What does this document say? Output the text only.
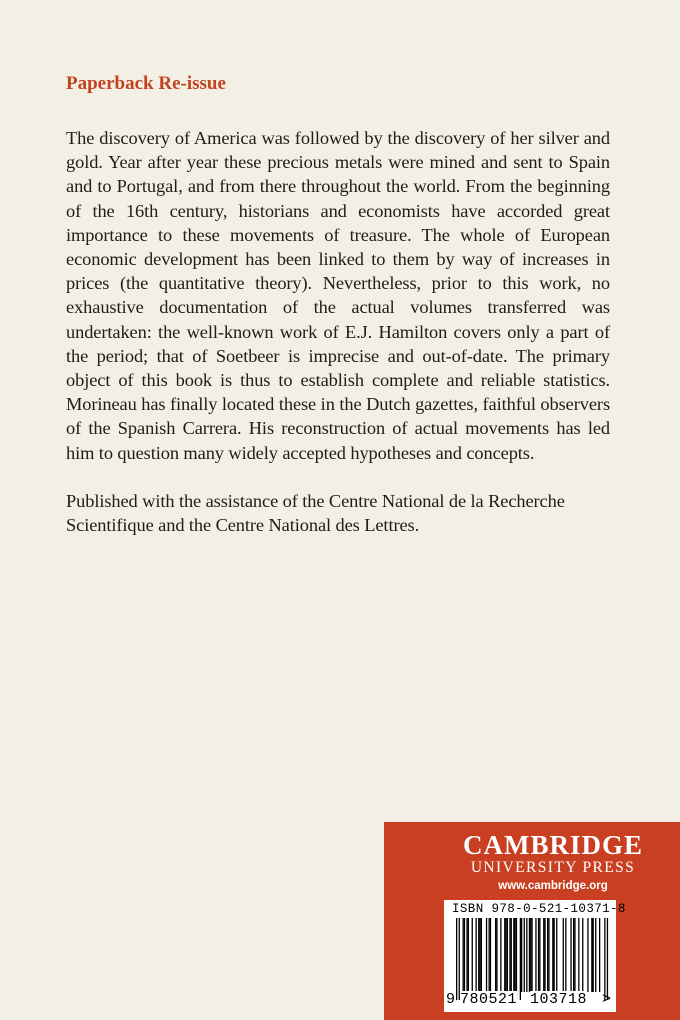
Paperback Re-issue

The discovery of America was followed by the discovery of her silver and gold. Year after year these precious metals were mined and sent to Spain and to Portugal, and from there throughout the world. From the beginning of the 16th century, historians and economists have accorded great importance to these movements of treasure. The whole of European economic development has been linked to them by way of increases in prices (the quantitative theory). Nevertheless, prior to this work, no exhaustive documentation of the actual volumes transferred was undertaken: the well-known work of E.J. Hamilton covers only a part of the period; that of Soetbeer is imprecise and out-of-date. The primary object of this book is thus to establish complete and reliable statistics. Morineau has finally located these in the Dutch gazettes, faithful observers of the Spanish Carrera. His reconstruction of actual movements has led him to question many widely accepted hypotheses and concepts.

Published with the assistance of the Centre National de la Recherche Scientifique and the Centre National des Lettres.

CAMBRIDGE
UNIVERSITY PRESS
www.cambridge.org
ISBN 978-0-521-10371-8
9 780521 103718 >
